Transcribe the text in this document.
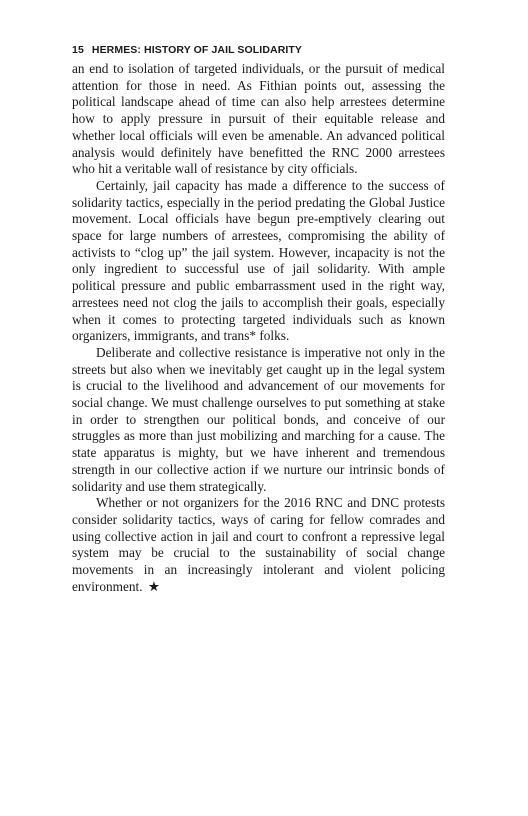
15 HERMES: HISTORY OF JAIL SOLIDARITY

an end to isolation of targeted individuals, or the pursuit of medical attention for those in need. As Fithian points out, assessing the political landscape ahead of time can also help arrestees determine how to apply pressure in pursuit of their equitable release and whether local officials will even be amenable. An advanced political analysis would definitely have benefitted the RNC 2000 arrestees who hit a veritable wall of resistance by city officials.

Certainly, jail capacity has made a difference to the success of solidarity tactics, especially in the period predating the Global Justice movement. Local officials have begun pre-emptively clearing out space for large numbers of arrestees, compromising the ability of activists to “clog up” the jail system. However, incapacity is not the only ingredient to successful use of jail solidarity. With ample political pressure and public embarrassment used in the right way, arrestees need not clog the jails to accomplish their goals, especially when it comes to protecting targeted individuals such as known organizers, immigrants, and trans* folks.

Deliberate and collective resistance is imperative not only in the streets but also when we inevitably get caught up in the legal system is crucial to the livelihood and advancement of our movements for social change. We must challenge ourselves to put something at stake in order to strengthen our political bonds, and conceive of our struggles as more than just mobilizing and marching for a cause. The state apparatus is mighty, but we have inherent and tremendous strength in our collective action if we nurture our intrinsic bonds of solidarity and use them strategically.

Whether or not organizers for the 2016 RNC and DNC protests consider solidarity tactics, ways of caring for fellow comrades and using collective action in jail and court to confront a repressive legal system may be crucial to the sustainability of social change movements in an increasingly intolerant and violent policing environment. ★
